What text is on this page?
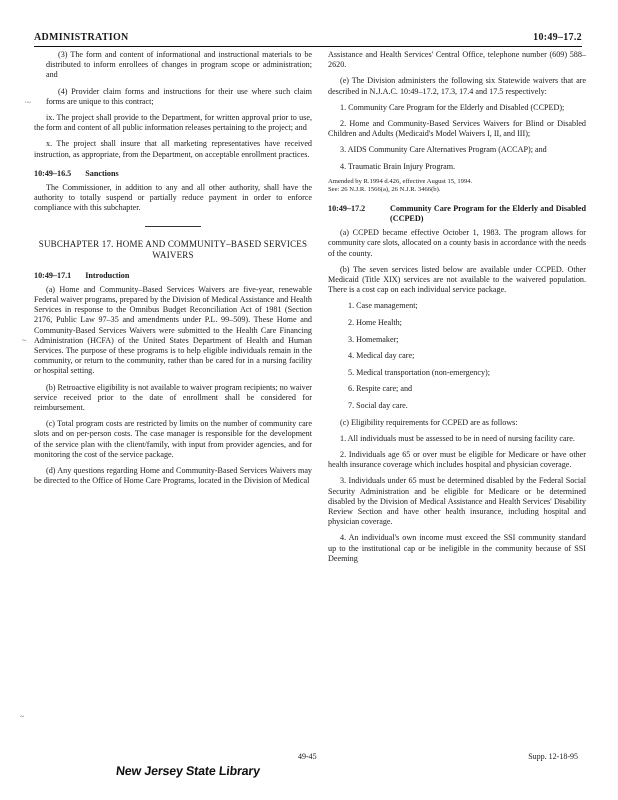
ADMINISTRATION	10:49–17.2

(3) The form and content of informational and instructional materials to be distributed to inform enrollees of changes in program scope or administration; and

(4) Provider claim forms and instructions for their use where such claim forms are unique to this contract;

ix. The project shall provide to the Department, for written approval prior to use, the form and content of all public information releases pertaining to the project; and

x. The project shall insure that all marketing representatives have received instruction, as appropriate, from the Department, on acceptable enrollment practices.

10:49–16.5 Sanctions

The Commissioner, in addition to any and all other authority, shall have the authority to totally suspend or partially reduce payment in order to enforce compliance with this subchapter.

SUBCHAPTER 17. HOME AND COMMUNITY–BASED SERVICES WAIVERS
10:49–17.1 Introduction

(a) Home and Community–Based Services Waivers are five-year, renewable Federal waiver programs, prepared by the Division of Medical Assistance and Health Services in response to the Omnibus Budget Reconciliation Act of 1981 (Section 2176, Public Law 97–35 and amendments under P.L. 99–509). These Home and Community-Based Services Waivers were submitted to the Health Care Financing Administration (HCFA) of the United States Department of Health and Human Services. The purpose of these programs is to help eligible individuals remain in the community, or return to the community, rather than be cared for in a nursing facility or hospital setting.

(b) Retroactive eligibility is not available to waiver program recipients; no waiver service received prior to the date of enrollment shall be considered for reimbursement.

(c) Total program costs are restricted by limits on the number of community care slots and on per-person costs. The case manager is responsible for the development of the service plan with the client/family, with input from provider agencies, and for monitoring the cost of the service package.

(d) Any questions regarding Home and Community-Based Services Waivers may be directed to the Office of Home Care Programs, located in the Division of Medical

Assistance and Health Services' Central Office, telephone number (609) 588–2620.

(e) The Division administers the following six Statewide waivers that are described in N.J.A.C. 10:49–17.2, 17.3, 17.4 and 17.5 respectively:

1. Community Care Program for the Elderly and Disabled (CCPED);

2. Home and Community-Based Services Waivers for Blind or Disabled Children and Adults (Medicaid's Model Waivers I, II, and III);

3. AIDS Community Care Alternatives Program (ACCAP); and

4. Traumatic Brain Injury Program.

Amended by R.1994 d.426, effective August 15, 1994.
See: 26 N.J.R. 1566(a), 26 N.J.R. 3466(b).
10:49–17.2	Community Care Program for the Elderly and Disabled (CCPED)

(a) CCPED became effective October 1, 1983. The program allows for community care slots, allocated on a county basis in accordance with the needs of the county.

(b) The seven services listed below are available under CCPED. Other Medicaid (Title XIX) services are not available to the waivered population. There is a cost cap on each individual service package.

1. Case management;
2. Home Health;
3. Homemaker;
4. Medical day care;
5. Medical transportation (non-emergency);
6. Respite care; and
7. Social day care.

(c) Eligibility requirements for CCPED are as follows:

1. All individuals must be assessed to be in need of nursing facility care.

2. Individuals age 65 or over must be eligible for Medicare or have other health insurance coverage which includes hospital and physician coverage.

3. Individuals under 65 must be determined disabled by the Federal Social Security Administration and be eligible for Medicare or be determined disabled by the Division of Medical Assistance and Health Services' Disability Review Section and have other health insurance, including hospital and physician coverage.

4. An individual's own income must exceed the SSI community standard up to the institutional cap or be ineligible in the community because of SSI Deeming

·~
~
~
49-45	Supp. 12-18-95
New Jersey State Library
